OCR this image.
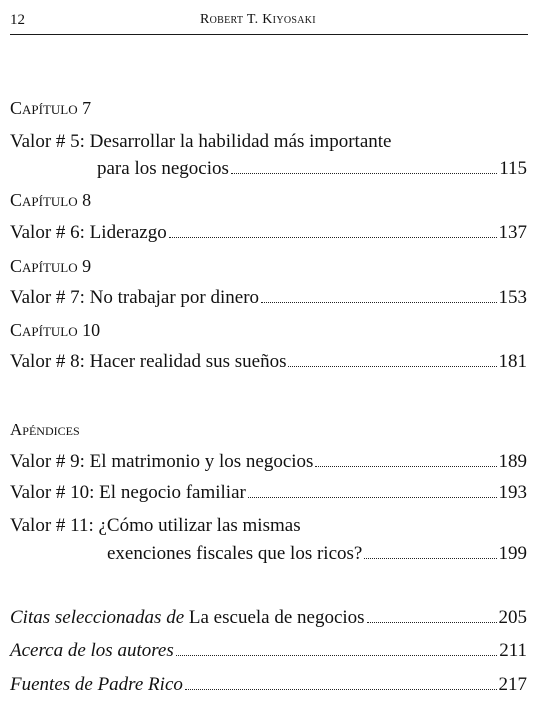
12	Robert T. Kiyosaki
Capítulo 7
Valor # 5: Desarrollar la habilidad más importante
para los negocios	115
Capítulo 8
Valor # 6: Liderazgo	137
Capítulo 9
Valor # 7: No trabajar por dinero	153
Capítulo 10
Valor # 8: Hacer realidad sus sueños	181
Apéndices
Valor # 9: El matrimonio y los negocios	189
Valor # 10: El negocio familiar	193
Valor # 11: ¿Cómo utilizar las mismas
exenciones fiscales que los ricos?	199
Citas seleccionadas de La escuela de negocios	205
Acerca de los autores	211
Fuentes de Padre Rico	217
